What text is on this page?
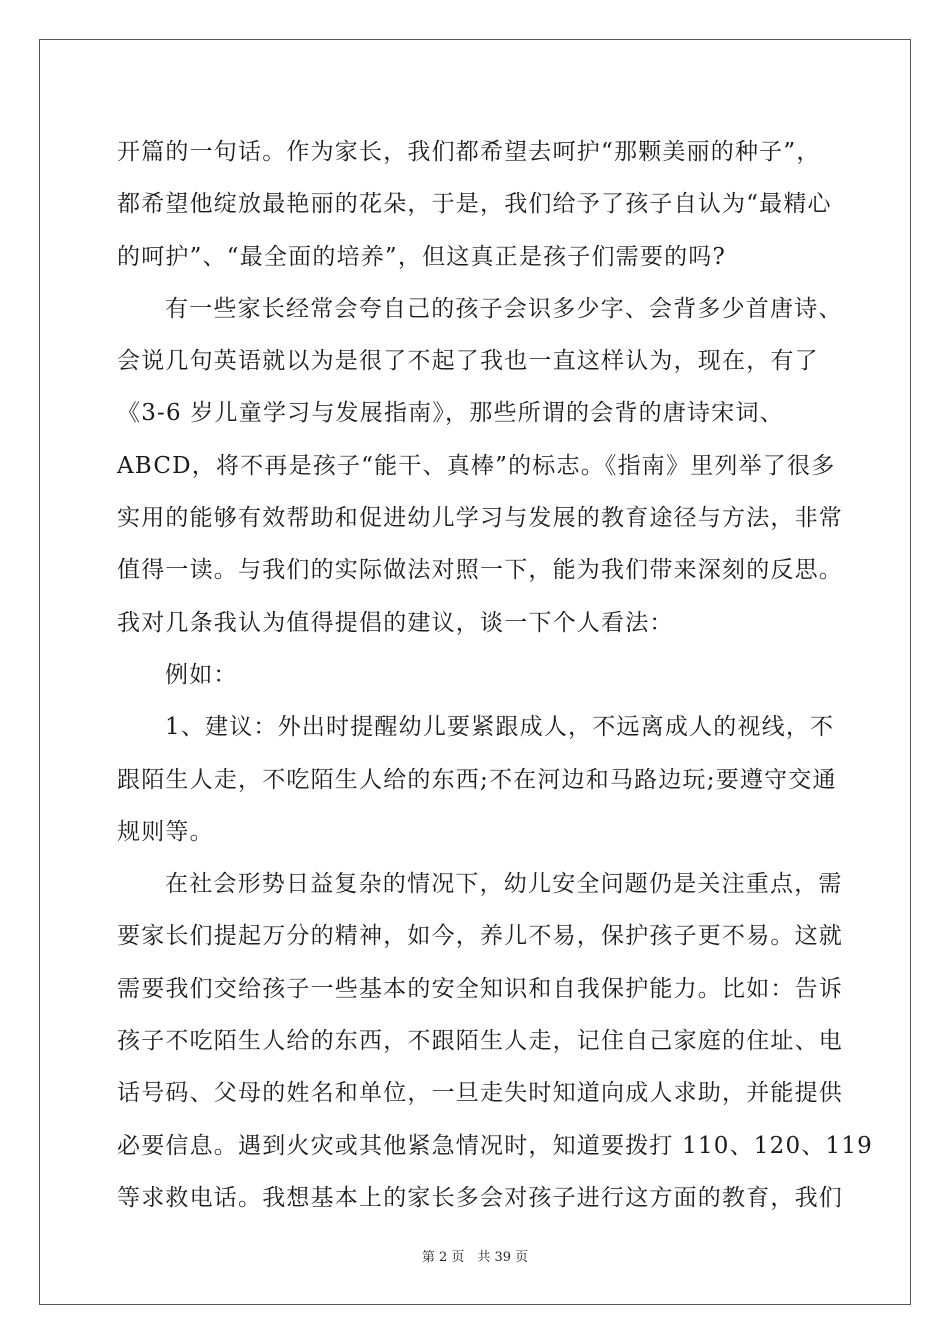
开篇的一句话。作为家长，我们都希望去呵护“那颗美丽的种子”，
都希望他绽放最艳丽的花朵，于是，我们给予了孩子自认为“最精心
的呵护”、“最全面的培养”，但这真正是孩子们需要的吗?
有一些家长经常会夸自己的孩子会识多少字、会背多少首唐诗、
会说几句英语就以为是很了不起了我也一直这样认为，现在，有了
《3-6 岁儿童学习与发展指南》，那些所谓的会背的唐诗宋词、
ABCD，将不再是孩子“能干、真棒”的标志。《指南》里列举了很多
实用的能够有效帮助和促进幼儿学习与发展的教育途径与方法，非常
值得一读。与我们的实际做法对照一下，能为我们带来深刻的反思。
我对几条我认为值得提倡的建议，谈一下个人看法：
例如：
1、建议：外出时提醒幼儿要紧跟成人，不远离成人的视线，不
跟陌生人走，不吃陌生人给的东西;不在河边和马路边玩;要遵守交通
规则等。
在社会形势日益复杂的情况下，幼儿安全问题仍是关注重点，需
要家长们提起万分的精神，如今，养儿不易，保护孩子更不易。这就
需要我们交给孩子一些基本的安全知识和自我保护能力。比如：告诉
孩子不吃陌生人给的东西，不跟陌生人走，记住自己家庭的住址、电
话号码、父母的姓名和单位，一旦走失时知道向成人求助，并能提供
必要信息。遇到火灾或其他紧急情况时，知道要拨打 110、120、119
等求救电话。我想基本上的家长多会对孩子进行这方面的教育，我们
第 2 页　共 39 页
